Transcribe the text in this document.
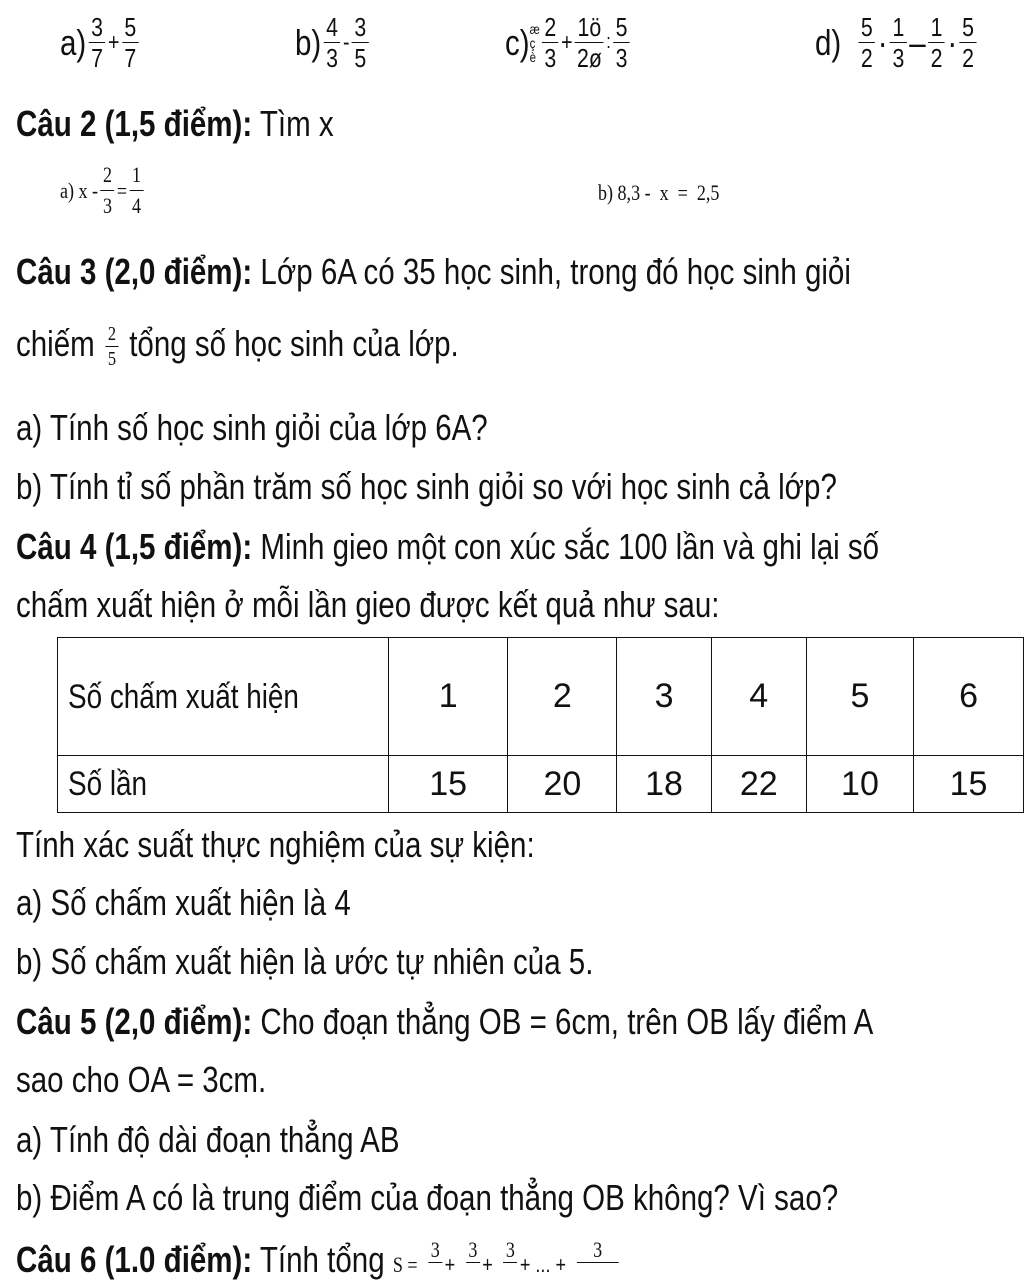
$a) \frac{3}{7} + \frac{5}{7}$	$b) \frac{4}{3} - \frac{3}{5}$	c) æ ç è $\frac{2}{3} + \frac{1ö}{2ø}$ : $\frac{5}{3}$	$d) \frac{5}{2} \cdot \frac{1}{3} - \frac{1}{2} \cdot \frac{5}{2}$
Câu 2 (1,5 điểm): Tìm x
a) $x - \frac{2}{3} = \frac{1}{4}$	b) 8,3 -  x  =  2,5
Câu 3 (2,0 điểm): Lớp 6A có 35 học sinh, trong đó học sinh giỏi
chiếm $\frac{2}{5}$ tổng số học sinh của lớp.
a) Tính số học sinh giỏi của lớp 6A?
b) Tính tỉ số phần trăm số học sinh giỏi so với học sinh cả lớp?
Câu 4 (1,5 điểm): Minh gieo một con xúc sắc 100 lần và ghi lại số
chấm xuất hiện ở mỗi lần gieo được kết quả như sau:
Số chấm xuất hiện	1	2	3	4	5	6

Số lần	15	20	18	22	10	15
Tính xác suất thực nghiệm của sự kiện:
a) Số chấm xuất hiện là 4
b) Số chấm xuất hiện là ước tự nhiên của 5.
Câu 5 (2,0 điểm): Cho đoạn thẳng OB = 6cm, trên OB lấy điểm A
sao cho OA = 3cm.
a) Tính độ dài đoạn thẳng AB
b) Điểm A có là trung điểm của đoạn thẳng OB không? Vì sao?
Câu 6 (1.0 điểm): Tính tổng S =
3

+
3

+
3

+ ... +
3
